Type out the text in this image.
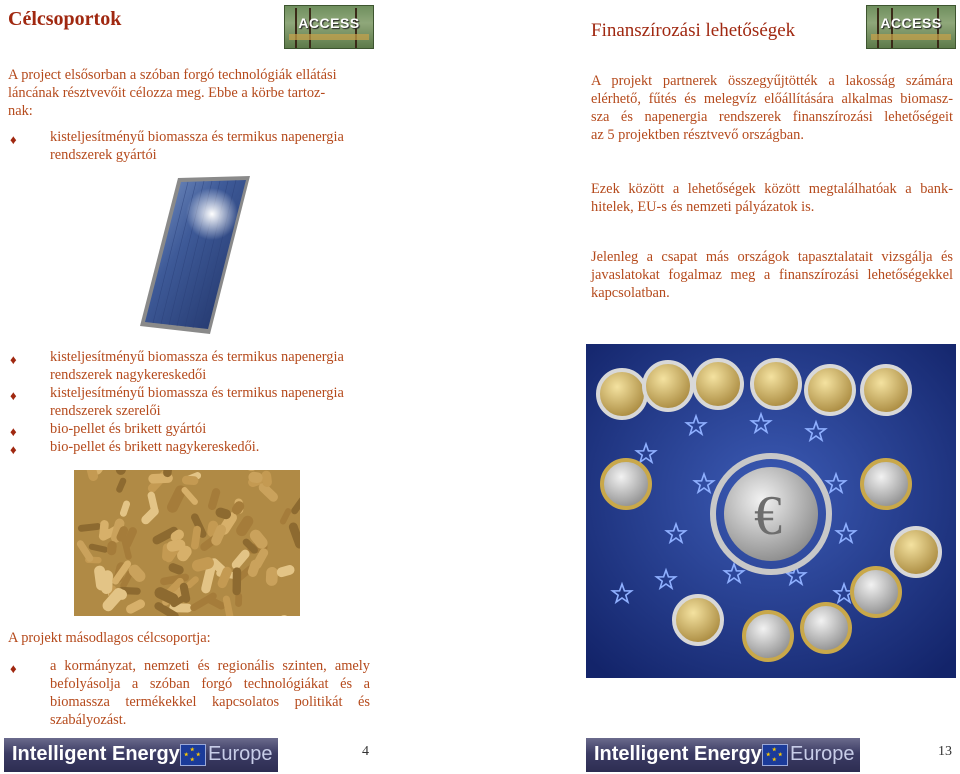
Célcsoportok	ACCESS

A project elsősorban a szóban forgó technológiák ellátási

láncának résztvevőit célozza meg. Ebbe a körbe tartoz-

nak:

♦ kisteljesítményű biomassza és termikus napenergia
rendszerek gyártói
♦ kisteljesítményű biomassza és termikus napenergia
rendszerek nagykereskedői
♦ kisteljesítményű biomassza és termikus napenergia
rendszerek szerelői
♦ bio-pellet és brikett gyártói
♦ bio-pellet és brikett nagykereskedői.
A projekt másodlagos célcsoportja:
♦ a kormányzat, nemzeti és regionális szinten, amely
befolyásolja a szóban forgó technológiákat és a
biomassza termékekkel kapcsolatos politikát és
szabályozást.
Intelligent Energy ★
★ ★
★ Europe	4
Finanszírozási lehetőségek	ACCESS

A projekt partnerek összegyűjtötték a lakosság számára

elérhető, fűtés és melegvíz előállítására alkalmas biomasz-

sza és napenergia rendszerek finanszírozási lehetőségeit

az 5 projektben résztvevő országban.

Ezek között a lehetőségek között megtalálhatóak a bank-

hitelek, EU-s és nemzeti pályázatok is.

Jelenleg a csapat más országok tapasztalatait vizsgálja és

javaslatokat fogalmaz meg a finanszírozási lehetőségekkel

kapcsolatban.

€
Intelligent Energy ★
★ ★
★ Europe	13
